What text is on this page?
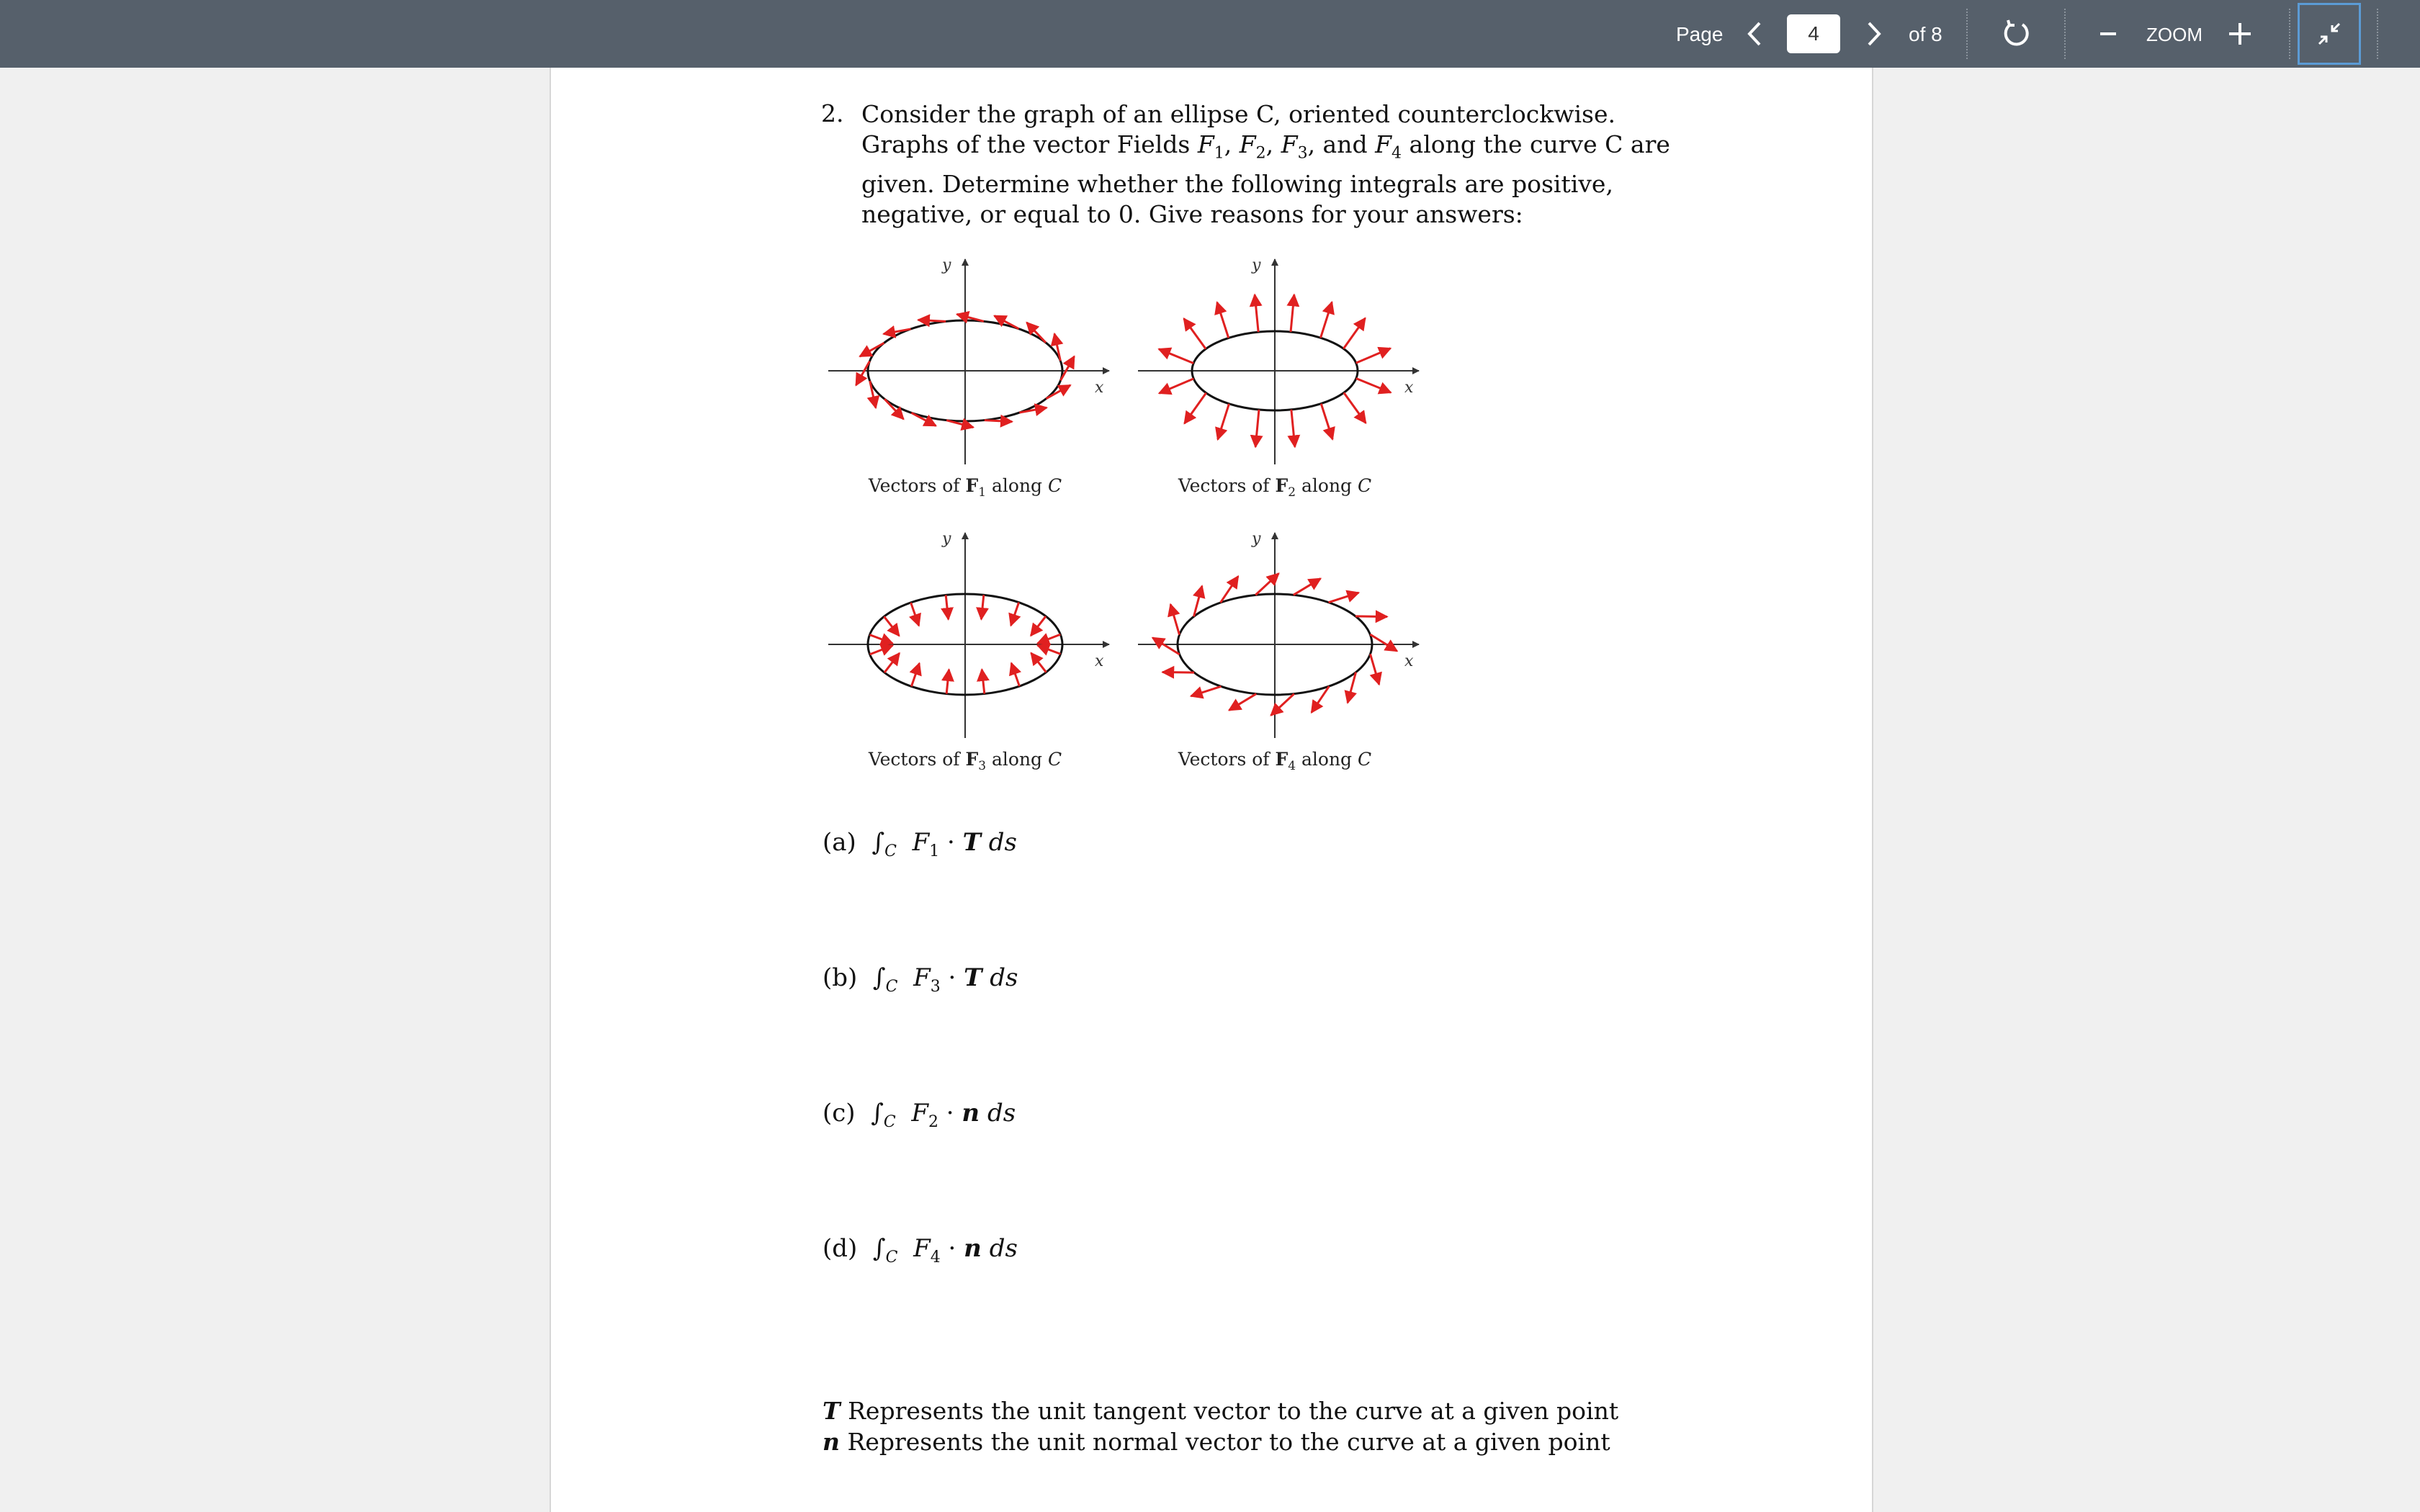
Page
4	of 8	ZOOM
2. Consider the graph of an ellipse C, oriented counterclockwise. Graphs of the vector Fields $F_1$, $F_2$, $F_3$, and $F_4$ along the curve C are given. Determine whether the following integrals are positive, negative, or equal to 0. Give reasons for your answers:
y
x
Vectors of $F_1$ along C
y
x
Vectors of $F_2$ along C
y
x
Vectors of $F_3$ along C
y
x
Vectors of $F_4$ along C
(a) $\int_C$ $F_1 \cdot T$ ds
(b) $\int_C$ $F_3 \cdot T$ ds
(c) $\int_C$ $F_2 \cdot n$ ds
(d) $\int_C$ $F_4 \cdot n$ ds
T Represents the unit tangent vector to the curve at a given point
n Represents the unit normal vector to the curve at a given point
